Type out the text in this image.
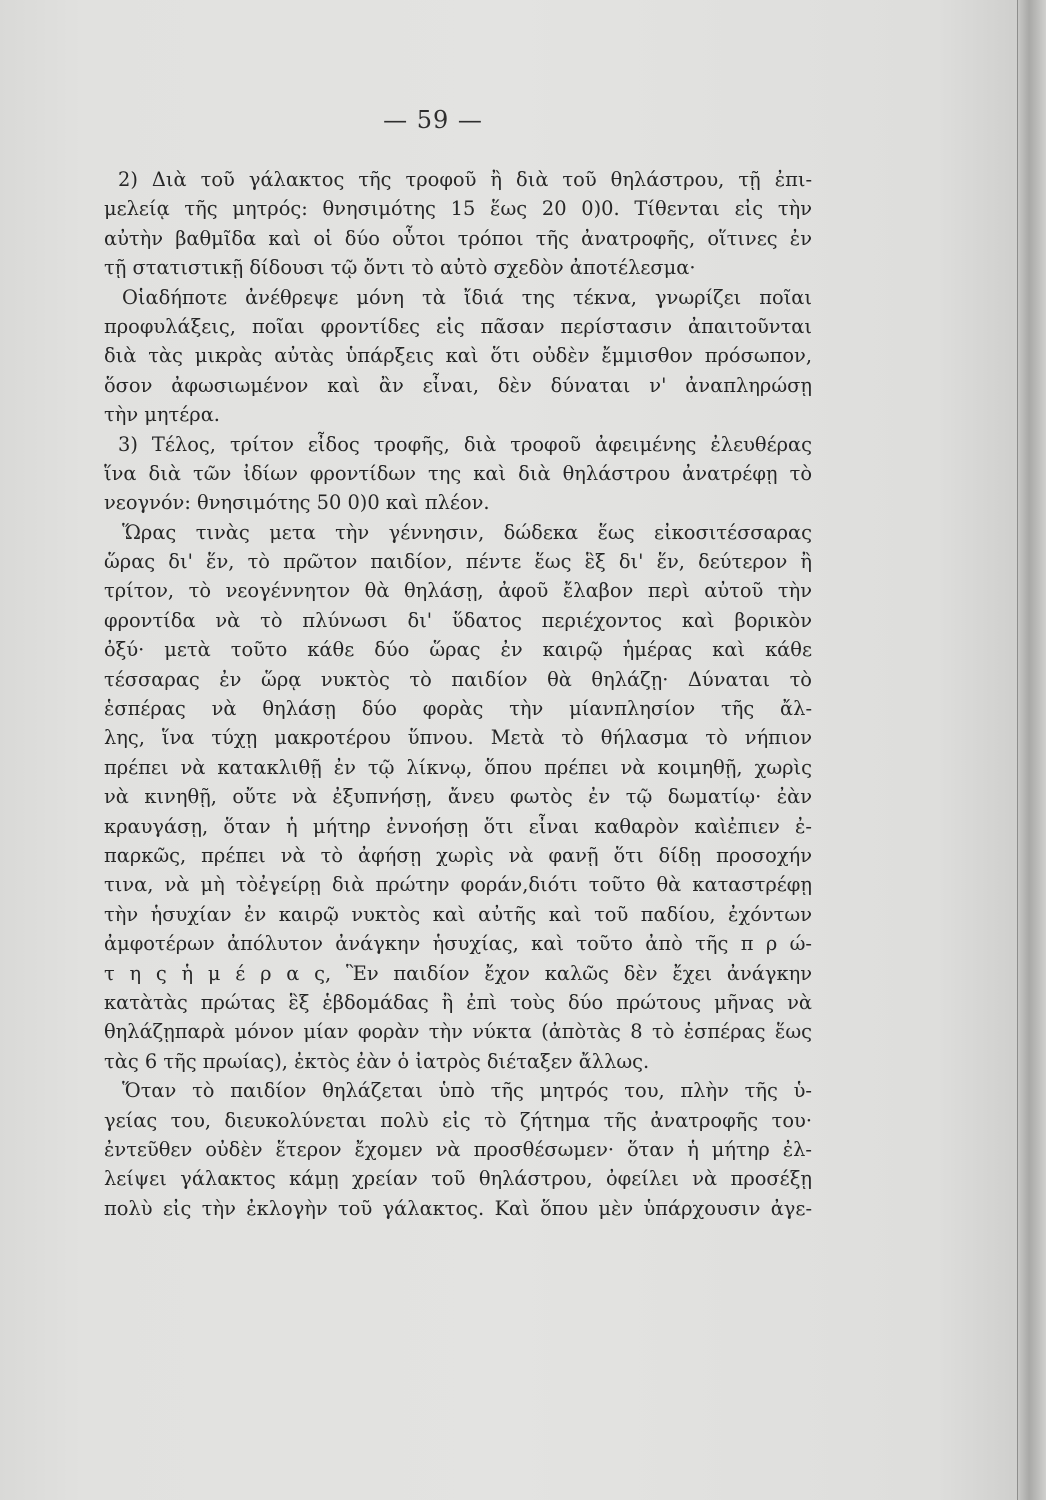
— 59 —
2) Διὰ τοῦ γάλακτος τῆς τροφοῦ ἢ διὰ τοῦ θηλάστρου, τῇ ἐπι-
μελείᾳ τῆς μητρός: θνησιμότης 15 ἕως 20 0)0. Τίθενται εἰς τὴν
αὐτὴν βαθμῖδα καὶ οἱ δύο οὗτοι τρόποι τῆς ἀνατροφῆς, οἵτινες ἐν
τῇ στατιστικῇ δίδουσι τῷ ὄντι τὸ αὐτὸ σχεδὸν ἀποτέλεσμα·
Οἱαδήποτε ἀνέθρεψε μόνη τὰ ἴδιά της τέκνα, γνωρίζει ποῖαι
προφυλάξεις, ποῖαι φροντίδες εἰς πᾶσαν περίστασιν ἀπαιτοῦνται
διὰ τὰς μικρὰς αὐτὰς ὑπάρξεις καὶ ὅτι οὐδὲν ἔμμισθον πρόσωπον,
ὅσον ἀφωσιωμένον καὶ ἂν εἶναι, δὲν δύναται ν' ἀναπληρώσῃ
τὴν μητέρα.
3) Τέλος, τρίτον εἶδος τροφῆς, διὰ τροφοῦ ἀφειμένης ἐλευθέρας
ἵνα διὰ τῶν ἰδίων φροντίδων της καὶ διὰ θηλάστρου ἀνατρέφῃ τὸ
νεογνόν: θνησιμότης 50 0)0 καὶ πλέον.
Ὥρας τινὰς μετα τὴν γέννησιν, δώδεκα ἕως εἰκοσιτέσσαρας
ὥρας δι' ἕν, τὸ πρῶτον παιδίον, πέντε ἕως ἓξ δι' ἕν, δεύτερον ἢ
τρίτον, τὸ νεογέννητον θὰ θηλάσῃ, ἀφοῦ ἔλαβον περὶ αὐτοῦ τὴν
φροντίδα νὰ τὸ πλύνωσι δι' ὕδατος περιέχοντος καὶ βορικὸν
ὀξύ· μετὰ τοῦτο κάθε δύο ὥρας ἐν καιρῷ ἡμέρας καὶ κάθε
τέσσαρας ἐν ὥρᾳ νυκτὸς τὸ παιδίον θὰ θηλάζῃ· Δύναται τὸ
ἑσπέρας νὰ θηλάσῃ δύο φορὰς τὴν μίανπλησίον τῆς ἄλ-
λης, ἵνα τύχῃ μακροτέρου ὕπνου. Μετὰ τὸ θήλασμα τὸ νήπιον
πρέπει νὰ κατακλιθῇ ἐν τῷ λίκνῳ, ὅπου πρέπει νὰ κοιμηθῇ, χωρὶς
νὰ κινηθῇ, οὔτε νὰ ἐξυπνήσῃ, ἄνευ φωτὸς ἐν τῷ δωματίῳ· ἐὰν
κραυγάσῃ, ὅταν ἡ μήτηρ ἐννοήσῃ ὅτι εἶναι καθαρὸν καὶἐπιεν ἐ-
παρκῶς, πρέπει νὰ τὸ ἀφήσῃ χωρὶς νὰ φανῇ ὅτι δίδῃ προσοχήν
τινα, νὰ μὴ τὸἐγείρῃ διὰ πρώτην φοράν,διότι τοῦτο θὰ καταστρέφῃ
τὴν ἡσυχίαν ἐν καιρῷ νυκτὸς καὶ αὐτῆς καὶ τοῦ παδίου, ἐχόντων
ἀμφοτέρων ἀπόλυτον ἀνάγκην ἡσυχίας, καὶ τοῦτο ἀπὸ τῆς π ρ ώ-
τ η ς ἡ μ έ ρ α ς, Ἓν παιδίον ἔχον καλῶς δὲν ἔχει ἀνάγκην
κατὰτὰς πρώτας ἓξ ἑβδομάδας ἢ ἐπὶ τοὺς δύο πρώτους μῆνας νὰ
θηλάζῃπαρὰ μόνον μίαν φορὰν τὴν νύκτα (ἀπὸτὰς 8 τὸ ἑσπέρας ἕως
τὰς 6 τῆς πρωίας), ἐκτὸς ἐὰν ὁ ἰατρὸς διέταξεν ἄλλως.
Ὅταν τὸ παιδίον θηλάζεται ὑπὸ τῆς μητρός του, πλὴν τῆς ὑ-
γείας του, διευκολύνεται πολὺ εἰς τὸ ζήτημα τῆς ἀνατροφῆς του·
ἐντεῦθεν οὐδὲν ἕτερον ἔχομεν νὰ προσθέσωμεν· ὅταν ἡ μήτηρ ἐλ-
λείψει γάλακτος κάμῃ χρείαν τοῦ θηλάστρου, ὀφείλει νὰ προσέξῃ
πολὺ εἰς τὴν ἐκλογὴν τοῦ γάλακτος. Καὶ ὅπου μὲν ὑπάρχουσιν ἀγε-
